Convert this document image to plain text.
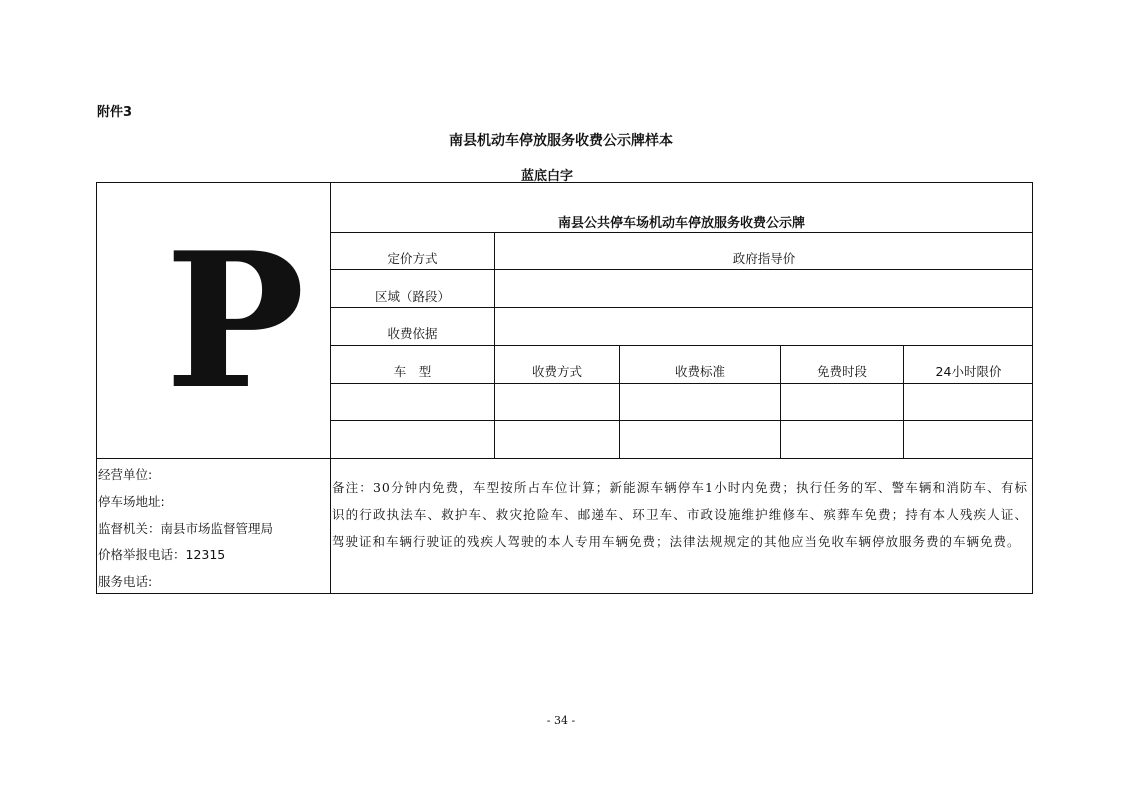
附件3
南县机动车停放服务收费公示牌样本
蓝底白字
P	南县公共停车场机动车停放服务收费公示牌
定价方式	政府指导价
区域（路段）
收费依据
车　型	收费方式	收费标准	免费时段	24小时限价
经营单位:
停车场地址:
监督机关：南县市场监督管理局
价格举报电话：12315
服务电话:
备注：30分钟内免费，车型按所占车位计算；新能源车辆停车1小时内免费；执行任务的军、警车辆和消防车、有标识的行政执法车、救护车、救灾抢险车、邮递车、环卫车、市政设施维护维修车、殡葬车免费；持有本人残疾人证、驾驶证和车辆行驶证的残疾人驾驶的本人专用车辆免费；法律法规规定的其他应当免收车辆停放服务费的车辆免费。
- 34 -
